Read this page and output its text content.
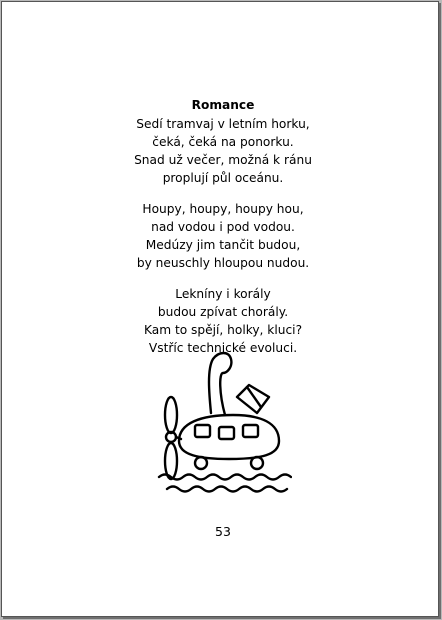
Romance
Sedí tramvaj v letním horku,
čeká, čeká na ponorku.
Snad už večer, možná k ránu
proplují půl oceánu.
Houpy, houpy, houpy hou,
nad vodou i pod vodou.
Medúzy jim tančit budou,
by neuschly hloupou nudou.
Lekníny i korály
budou zpívat chorály.
Kam to spějí, holky, kluci?
Vstříc technické evoluci.
53
